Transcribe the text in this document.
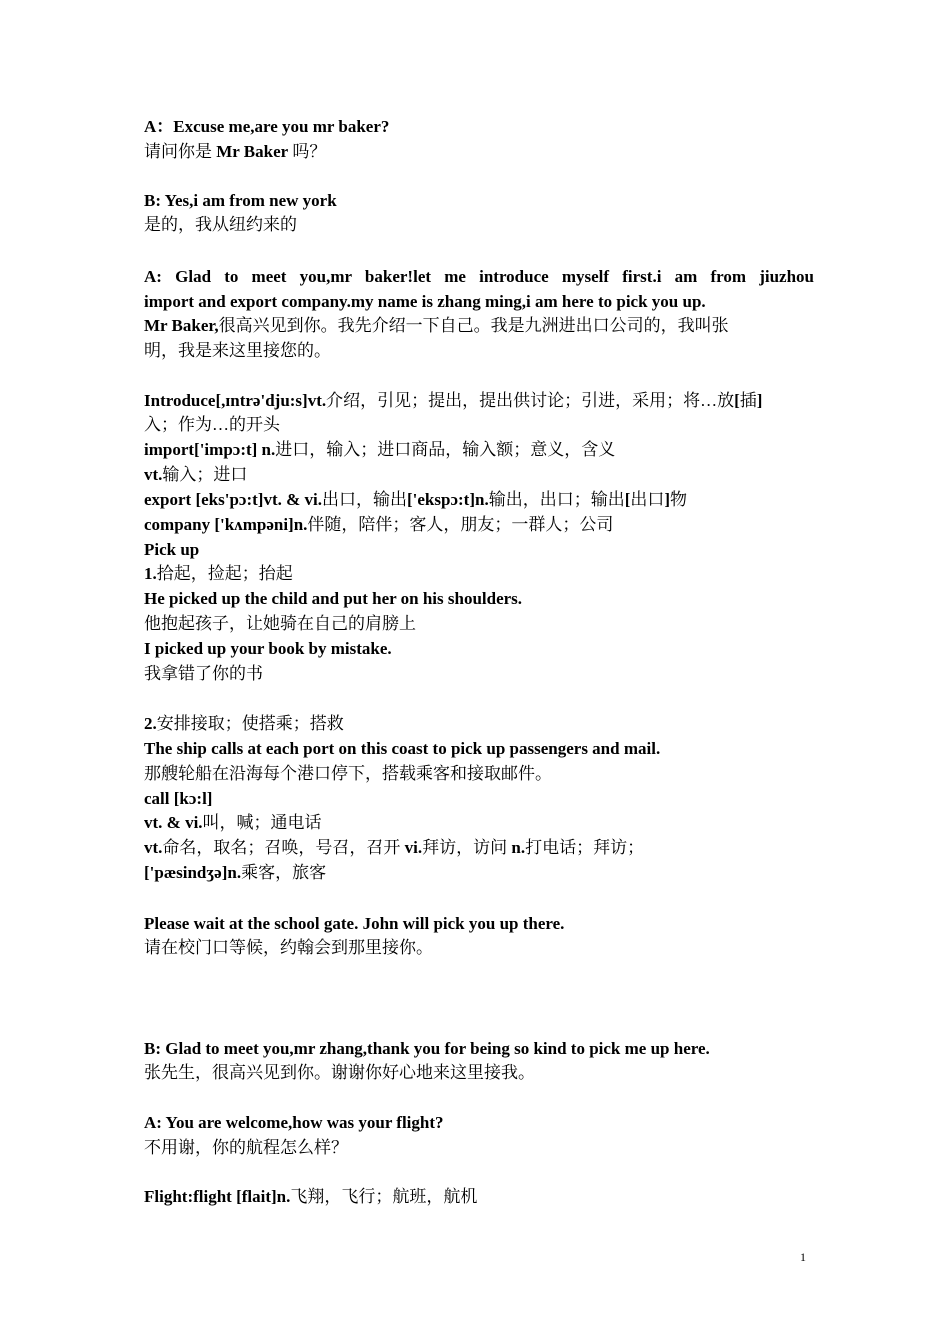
A：Excuse me,are you mr baker?
请问你是 Mr Baker 吗？
B: Yes,i am from new york
是的，我从纽约来的
A: Glad to meet you,mr baker!let me introduce myself first.i am from jiuzhou
import and export company.my name is zhang ming,i am here to pick you up.
Mr Baker,很高兴见到你。我先介绍一下自己。我是九洲进出口公司的，我叫张
明，我是来这里接您的。
Introduce[,ɪntrə'dju:s]vt.介绍，引见；提出，提出供讨论；引进，采用；将…放[插]
入；作为…的开头
import['impɔ:t] n.进口，输入；进口商品，输入额；意义，含义
vt.输入；进口
export [eks'pɔ:t]vt. & vi.出口，输出['ekspɔ:t]n.输出，出口；输出[出口]物
company ['kʌmpəni]n.伴随，陪伴；客人，朋友；一群人；公司
Pick up
1.拾起，捡起；抬起
He picked up the child and put her on his shoulders.
他抱起孩子，让她骑在自己的肩膀上
I picked up your book by mistake.
我拿错了你的书
2.安排接取；使搭乘；搭救
The ship calls at each port on this coast to pick up passengers and mail.
那艘轮船在沿海每个港口停下，搭载乘客和接取邮件。
call [kɔ:l]
vt. & vi.叫，喊；通电话
vt.命名，取名；召唤，号召，召开 vi.拜访，访问 n.打电话；拜访；
['pæsindʒə]n.乘客，旅客
Please wait at the school gate. John will pick you up there.
请在校门口等候，约翰会到那里接你。
B: Glad to meet you,mr zhang,thank you for being so kind to pick me up here.
张先生，很高兴见到你。谢谢你好心地来这里接我。
A: You are welcome,how was your flight?
不用谢，你的航程怎么样？
Flight:flight [flait]n.飞翔，飞行；航班，航机
1
